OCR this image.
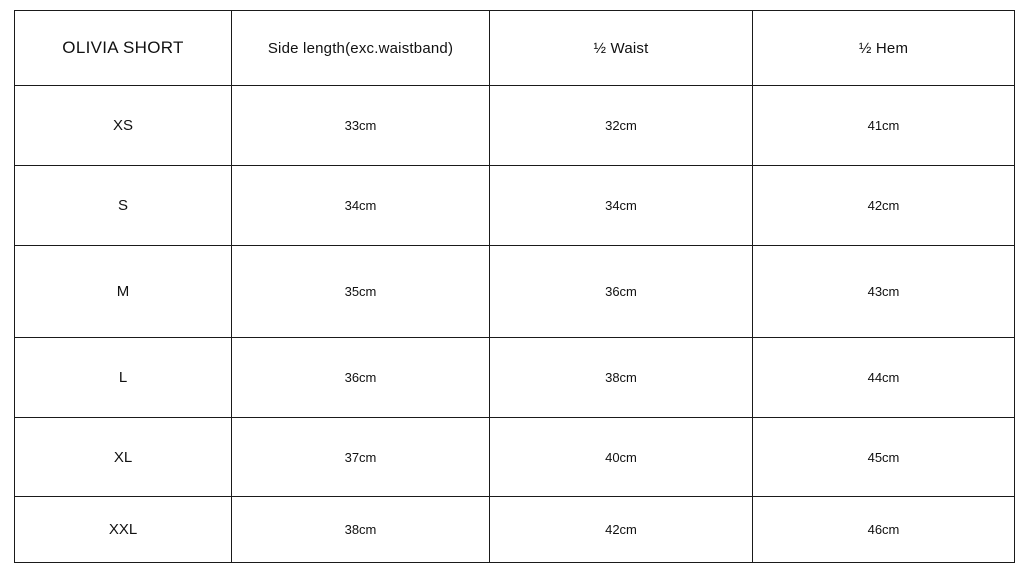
OLIVIA SHORT	Side length(exc.waistband)	½ Waist	½ Hem
XS	33cm	32cm	41cm
S	34cm	34cm	42cm
M	35cm	36cm	43cm
L	36cm	38cm	44cm
XL	37cm	40cm	45cm
XXL	38cm	42cm	46cm
